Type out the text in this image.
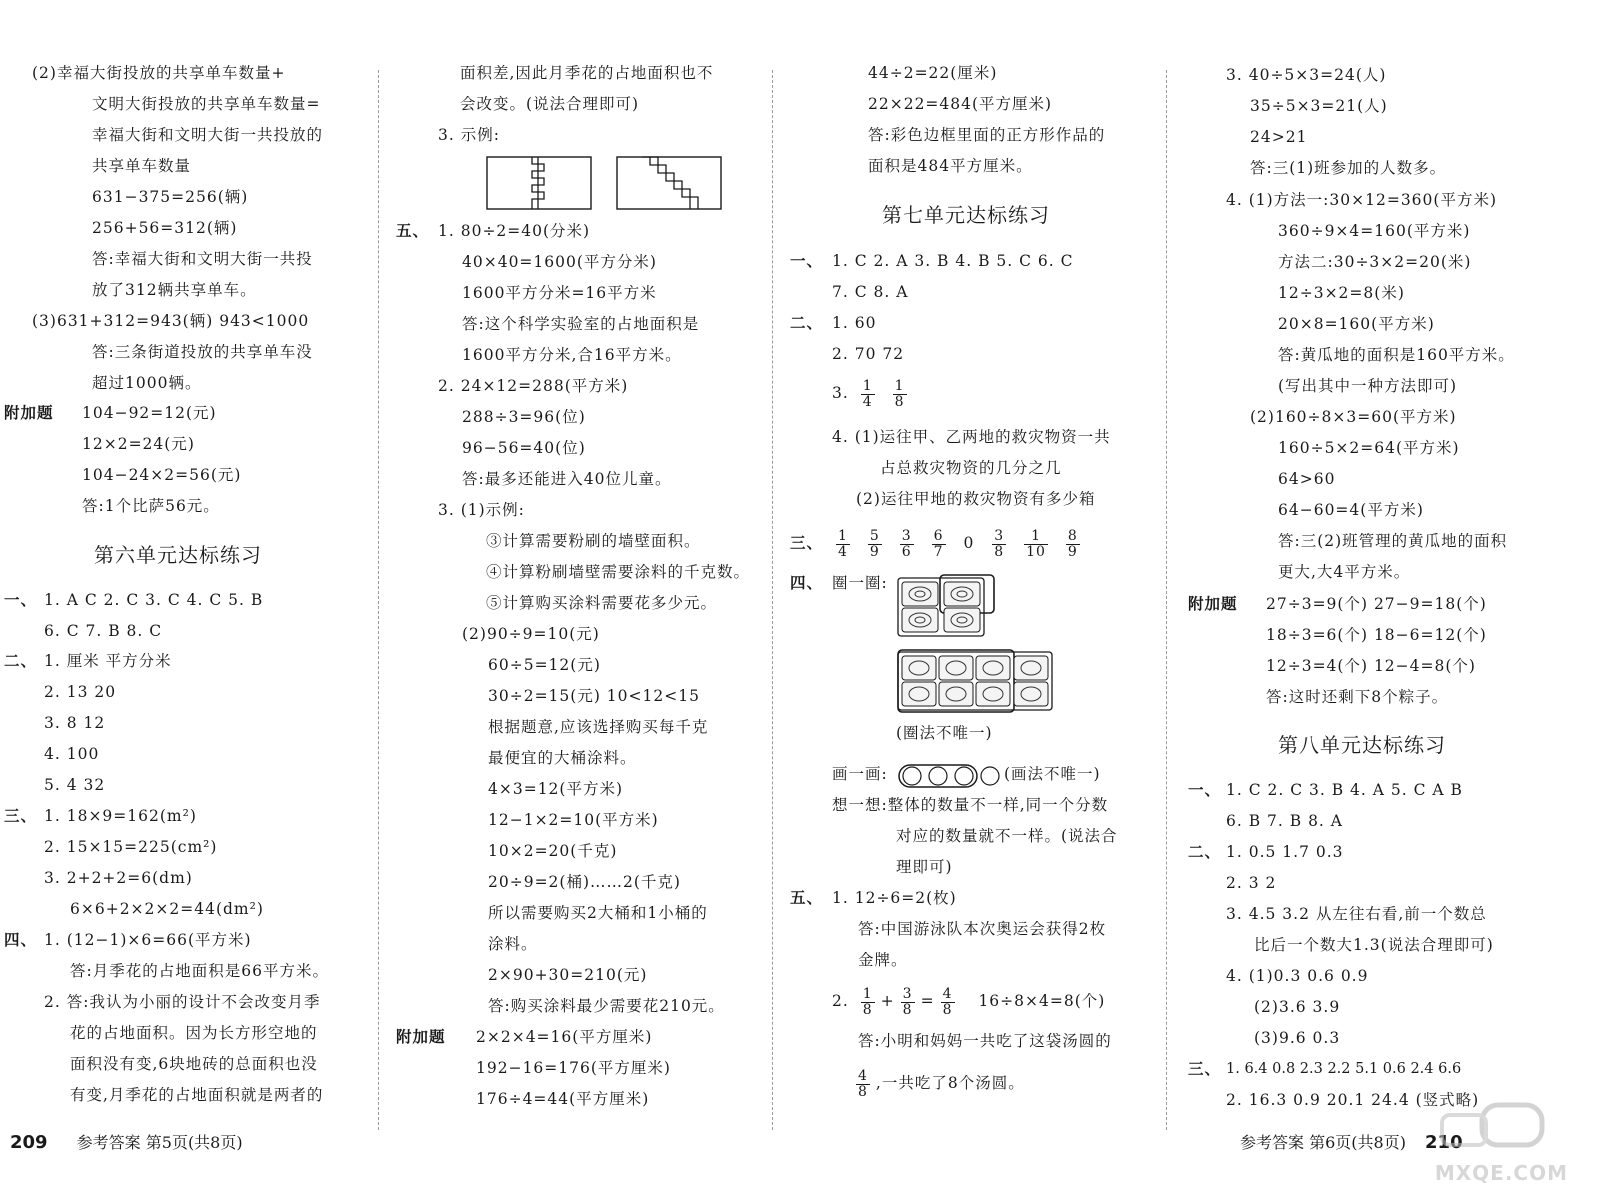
(2)幸福大街投放的共享单车数量+
文明大街投放的共享单车数量=
幸福大街和文明大街一共投放的
共享单车数量
631−375=256(辆)
256+56=312(辆)
答:幸福大街和文明大街一共投
放了312辆共享单车。
(3)631+312=943(辆) 943<1000
答:三条街道投放的共享单车没
超过1000辆。
附加题 104−92=12(元)
12×2=24(元)
104−24×2=56(元)
答:1个比萨56元。
第六单元达标练习
一、 1. A C 2. C 3. C 4. C 5. B
6. C 7. B 8. C
二、 1. 厘米 平方分米
2. 13 20
3. 8 12
4. 100
5. 4 32
三、 1. 18×9=162(m²)
2. 15×15=225(cm²)
3. 2+2+2=6(dm)
6×6+2×2×2=44(dm²)
四、 1. (12−1)×6=66(平方米)
答:月季花的占地面积是66平方米。
2. 答:我认为小丽的设计不会改变月季
花的占地面积。因为长方形空地的
面积没有变,6块地砖的总面积也没
有变,月季花的占地面积就是两者的
面积差,因此月季花的占地面积也不
会改变。(说法合理即可)
3. 示例:
五、 1. 80÷2=40(分米)
40×40=1600(平方分米)
1600平方分米=16平方米
答:这个科学实验室的占地面积是
1600平方分米,合16平方米。
2. 24×12=288(平方米)
288÷3=96(位)
96−56=40(位)
答:最多还能进入40位儿童。
3. (1)示例:
③计算需要粉刷的墙壁面积。
④计算粉刷墙壁需要涂料的千克数。
⑤计算购买涂料需要花多少元。
(2)90÷9=10(元)
60÷5=12(元)
30÷2=15(元) 10<12<15
根据题意,应该选择购买每千克
最便宜的大桶涂料。
4×3=12(平方米)
12−1×2=10(平方米)
10×2=20(千克)
20÷9=2(桶)……2(千克)
所以需要购买2大桶和1小桶的
涂料。
2×90+30=210(元)
答:购买涂料最少需要花210元。
附加题 2×2×4=16(平方厘米)
192−16=176(平方厘米)
176÷4=44(平方厘米)
44÷2=22(厘米)
22×22=484(平方厘米)
答:彩色边框里面的正方形作品的
面积是484平方厘米。
第七单元达标练习
一、 1. C 2. A 3. B 4. B 5. C 6. C
7. C 8. A
二、 1. 60
2. 70 72
3. $\frac{1}{4}$
$\frac{1}{8}$
4. (1)运往甲、乙两地的救灾物资一共
占总救灾物资的几分之几
(2)运往甲地的救灾物资有多少箱
三、 $\frac{1}{4}$
$\frac{5}{9}$
$\frac{3}{6}$
$\frac{6}{7} 0 \frac{3}{8}$
$\frac{1}{10}$
$\frac{8}{9}$
四、 圈一圈:
(圈法不唯一)
画一画:	(画法不唯一)
想一想:整体的数量不一样,同一个分数
对应的数量就不一样。(说法合
理即可)
五、 1. 12÷6=2(枚)
答:中国游泳队本次奥运会获得2枚
金牌。
2. $\frac{1}{8} + \frac{3}{8} = \frac{4}{8} 16\div 8\times 4=8$(个)
答:小明和妈妈一共吃了这袋汤圆的
$\frac{4}{8}$ ,一共吃了8个汤圆。
3. 40÷5×3=24(人)
35÷5×3=21(人)
24>21
答:三(1)班参加的人数多。
4. (1)方法一:30×12=360(平方米)
360÷9×4=160(平方米)
方法二:30÷3×2=20(米)
12÷3×2=8(米)
20×8=160(平方米)
答:黄瓜地的面积是160平方米。
(写出其中一种方法即可)
(2)160÷8×3=60(平方米)
160÷5×2=64(平方米)
64>60
64−60=4(平方米)
答:三(2)班管理的黄瓜地的面积
更大,大4平方米。
附加题 27÷3=9(个) 27−9=18(个)
18÷3=6(个) 18−6=12(个)
12÷3=4(个) 12−4=8(个)
答:这时还剩下8个粽子。
第八单元达标练习
一、 1. C 2. C 3. B 4. A 5. C A B
6. B 7. B 8. A
二、 1. 0.5 1.7 0.3
2. 3 2
3. 4.5 3.2 从左往右看,前一个数总
比后一个数大1.3(说法合理即可)
4. (1)0.3 0.6 0.9
(2)3.6 3.9
(3)9.6 0.3
三、 1. 6.4 0.8 2.3 2.2 5.1 0.6 2.4 6.6
2. 16.3 0.9 20.1 24.4 (竖式略)
209 参考答案 第5页(共8页)	参考答案 第6页(共8页) 210
MXQE.COM
